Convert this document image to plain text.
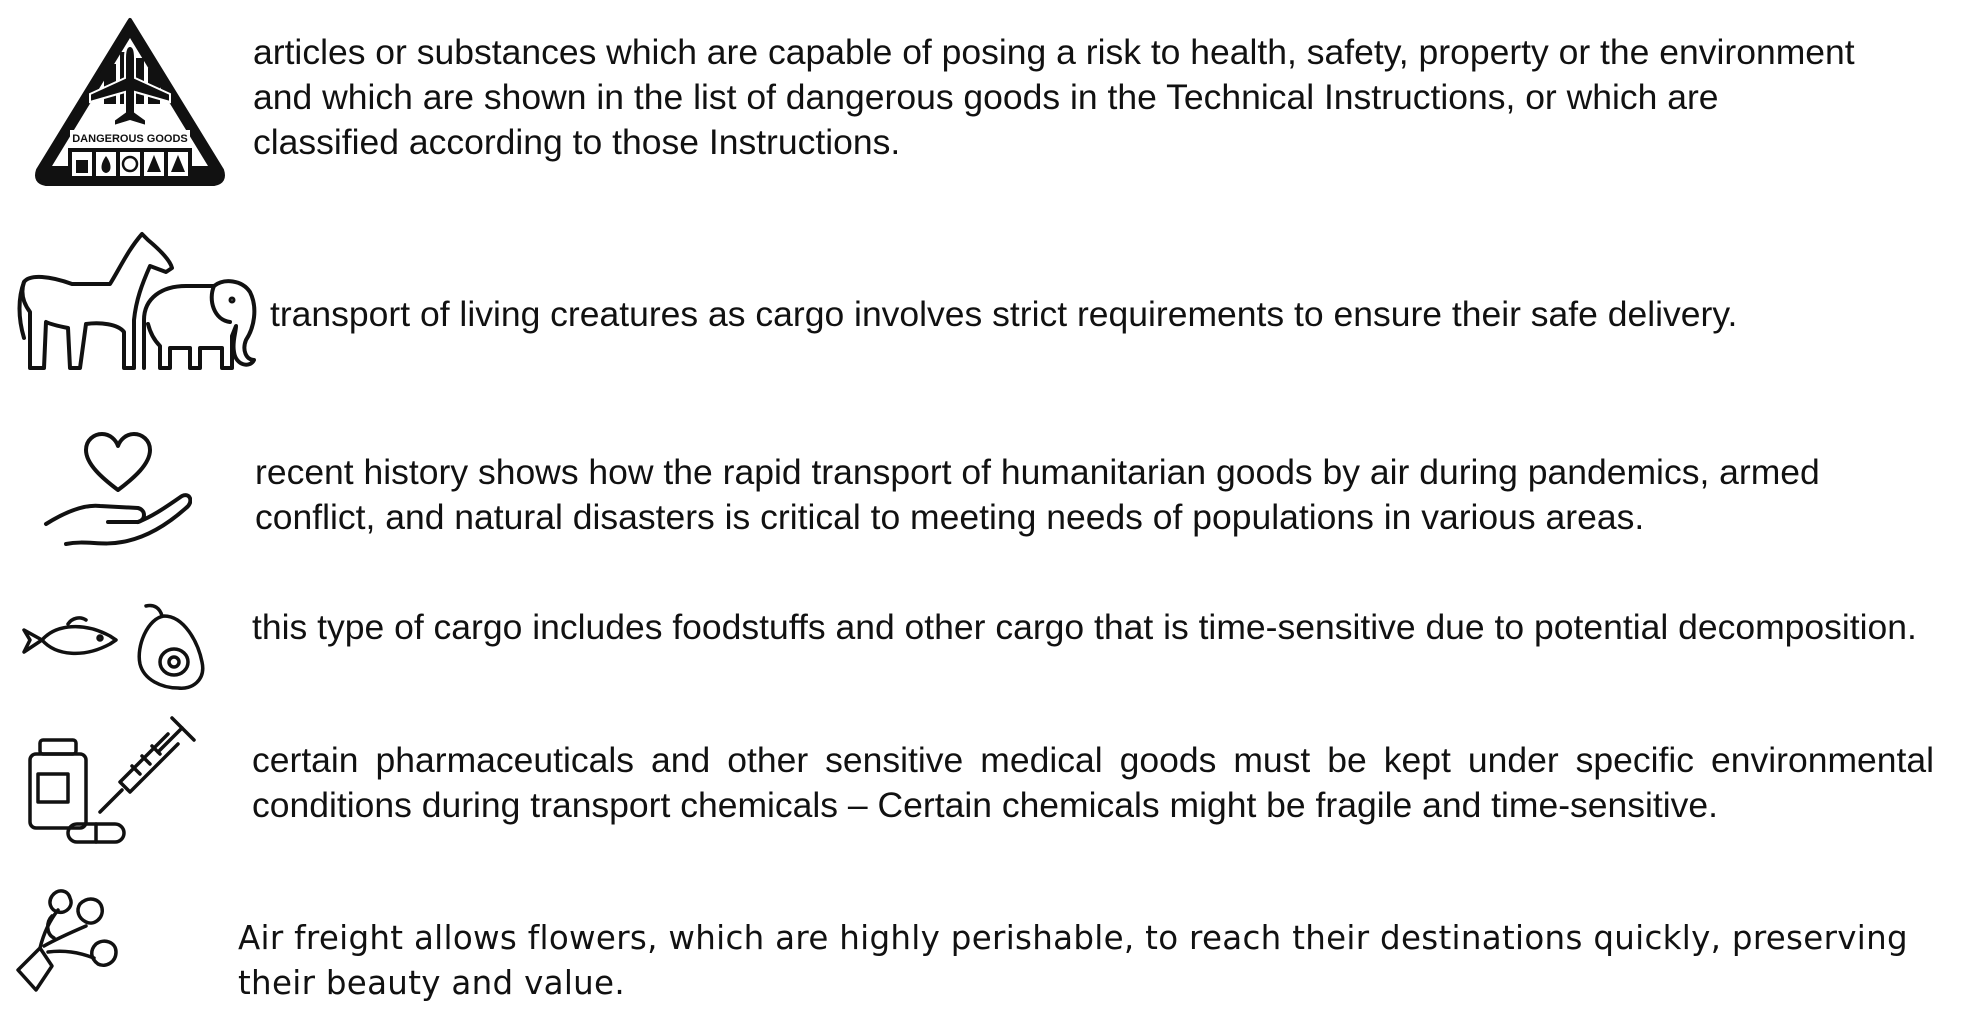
DANGEROUS GOODS

articles or substances which are capable of posing a risk to health, safety, property or the environment and which are shown in the list of dangerous goods in the Technical Instructions, or which are classified according to those Instructions.

transport of living creatures as cargo involves strict requirements to ensure their safe delivery.

recent history shows how the rapid transport of humanitarian goods by air during pandemics, armed conflict, and natural disasters is critical to meeting needs of populations in various areas.

this type of cargo includes foodstuffs and other cargo that is time-sensitive due to potential decomposition.

certain pharmaceuticals and other sensitive medical goods must be kept under specific environmental conditions during transport chemicals – Certain chemicals might be fragile and time-sensitive.

Air freight allows flowers, which are highly perishable, to reach their destinations quickly, preserving their beauty and value.
